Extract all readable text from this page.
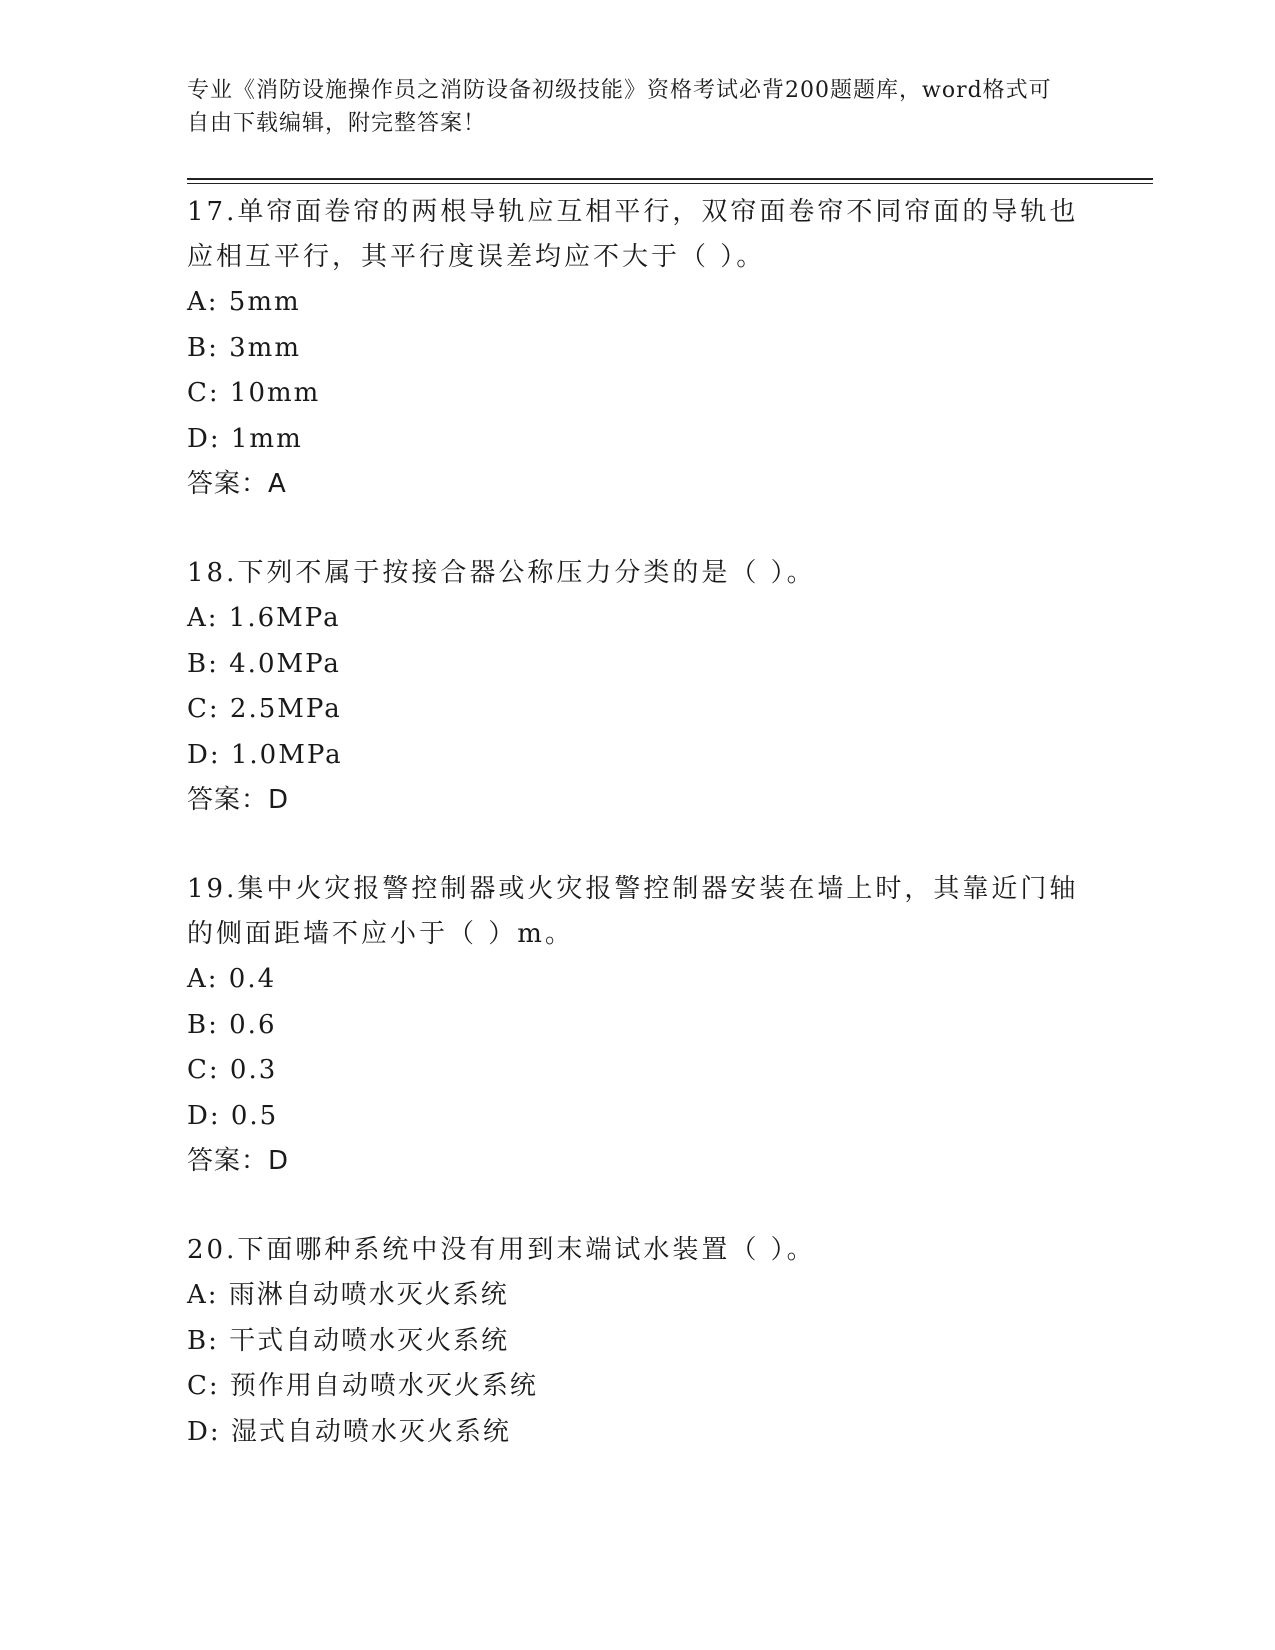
专业《消防设施操作员之消防设备初级技能》资格考试必背200题题库，word格式可自由下载编辑，附完整答案！

17.单帘面卷帘的两根导轨应互相平行，双帘面卷帘不同帘面的导轨也应相互平行，其平行度误差均应不大于（ ）。

A: 5mm

B: 3mm

C: 10mm

D: 1mm

答案：A

18.下列不属于按接合器公称压力分类的是（ ）。

A: 1.6MPa

B: 4.0MPa

C: 2.5MPa

D: 1.0MPa

答案：D

19.集中火灾报警控制器或火灾报警控制器安装在墙上时，其靠近门轴的侧面距墙不应小于（ ）m。

A: 0.4

B: 0.6

C: 0.3

D: 0.5

答案：D

20.下面哪种系统中没有用到末端试水装置（ ）。

A: 雨淋自动喷水灭火系统

B: 干式自动喷水灭火系统

C: 预作用自动喷水灭火系统

D: 湿式自动喷水灭火系统
